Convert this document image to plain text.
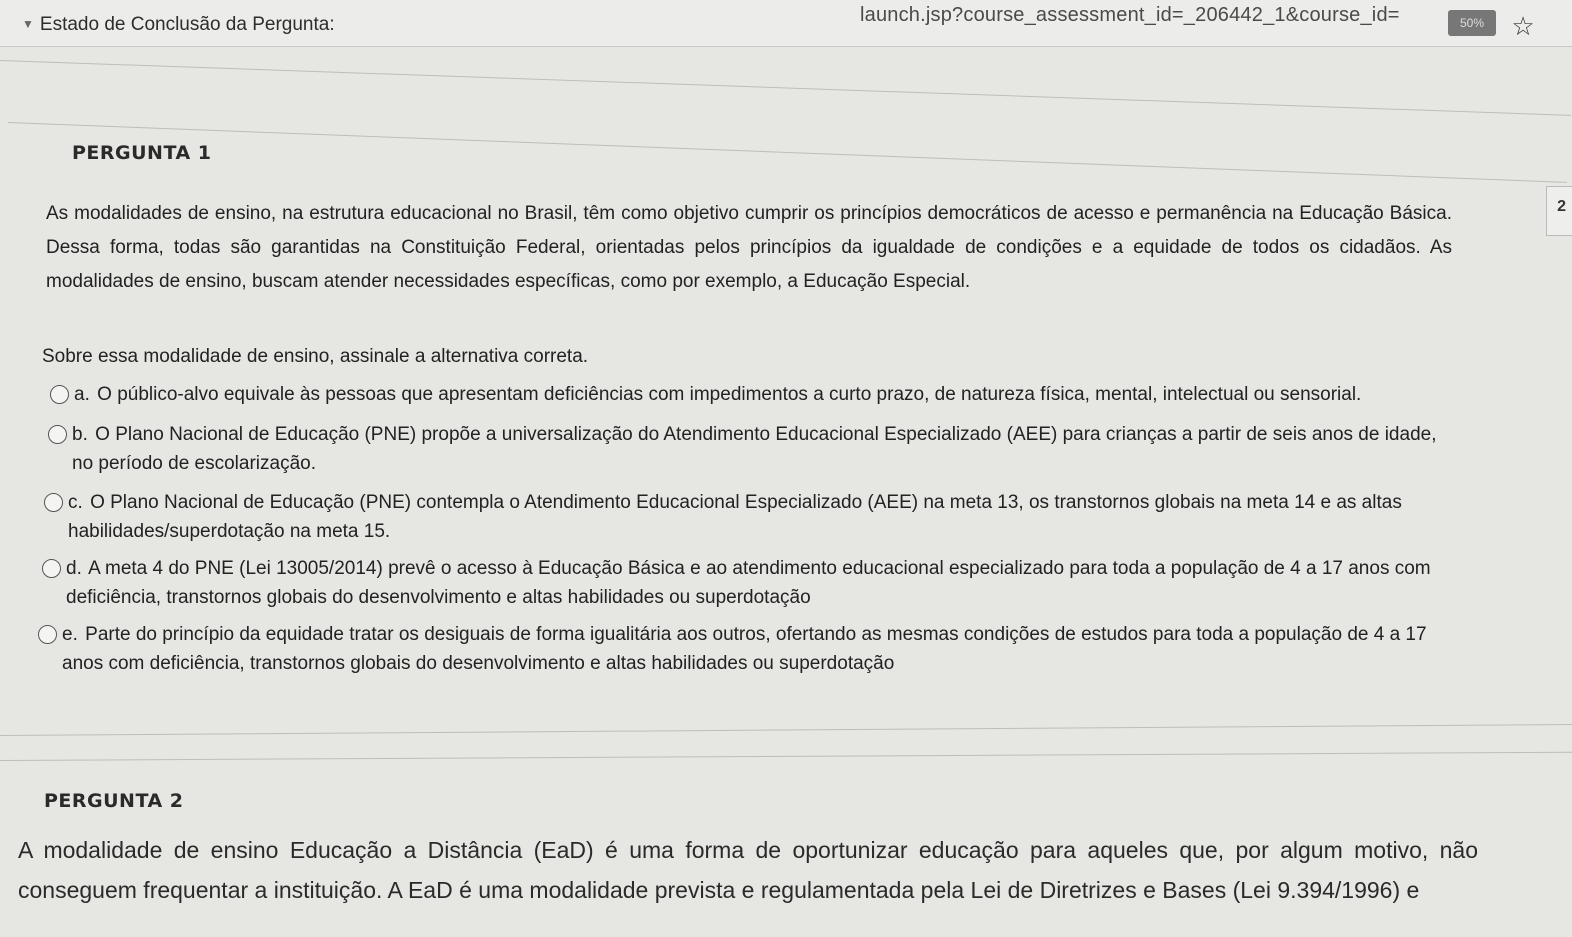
▼ Estado de Conclusão da Pergunta:	launch.jsp?course_assessment_id=_206442_1&course_id=	50%	☆
2
PERGUNTA 1

As modalidades de ensino, na estrutura educacional no Brasil, têm como objetivo cumprir os princípios democráticos de acesso e permanência na Educação Básica. Dessa forma, todas são garantidas na Constituição Federal, orientadas pelos princípios da igualdade de condições e a equidade de todos os cidadãos. As modalidades de ensino, buscam atender necessidades específicas, como por exemplo, a Educação Especial.

Sobre essa modalidade de ensino, assinale a alternativa correta.
a. O público-alvo equivale às pessoas que apresentam deficiências com impedimentos a curto prazo, de natureza física, mental, intelectual ou sensorial.
b. O Plano Nacional de Educação (PNE) propõe a universalização do Atendimento Educacional Especializado (AEE) para crianças a partir de seis anos de idade, no período de escolarização.
c. O Plano Nacional de Educação (PNE) contempla o Atendimento Educacional Especializado (AEE) na meta 13, os transtornos globais na meta 14 e as altas habilidades/superdotação na meta 15.
d. A meta 4 do PNE (Lei 13005/2014) prevê o acesso à Educação Básica e ao atendimento educacional especializado para toda a população de 4 a 17 anos com deficiência, transtornos globais do desenvolvimento e altas habilidades ou superdotação
e. Parte do princípio da equidade tratar os desiguais de forma igualitária aos outros, ofertando as mesmas condições de estudos para toda a população de 4 a 17 anos com deficiência, transtornos globais do desenvolvimento e altas habilidades ou superdotação
PERGUNTA 2

A modalidade de ensino Educação a Distância (EaD) é uma forma de oportunizar educação para aqueles que, por algum motivo, não conseguem frequentar a instituição. A EaD é uma modalidade prevista e regulamentada pela Lei de Diretrizes e Bases (Lei 9.394/1996) e
